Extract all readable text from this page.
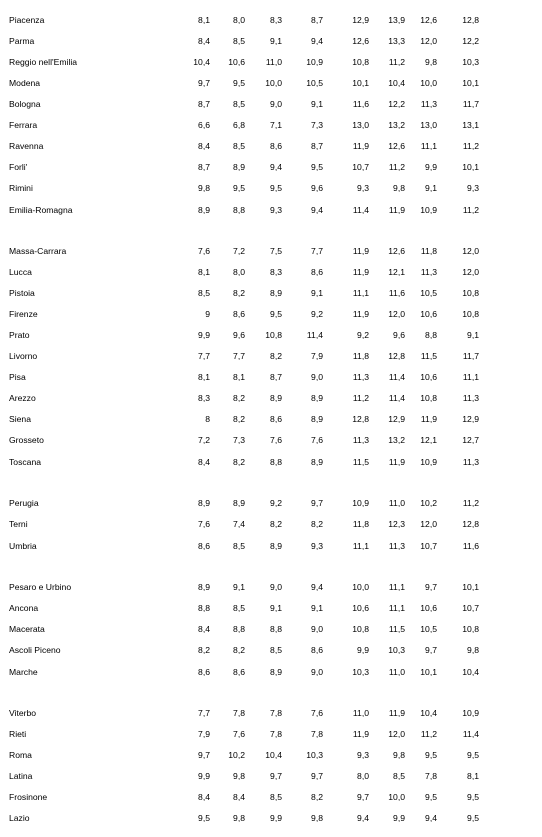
Piacenza	8,1	8,0	8,3	8,7	12,9	13,9	12,6	12,8
Parma	8,4	8,5	9,1	9,4	12,6	13,3	12,0	12,2
Reggio nell'Emilia	10,4	10,6	11,0	10,9	10,8	11,2	9,8	10,3
Modena	9,7	9,5	10,0	10,5	10,1	10,4	10,0	10,1
Bologna	8,7	8,5	9,0	9,1	11,6	12,2	11,3	11,7
Ferrara	6,6	6,8	7,1	7,3	13,0	13,2	13,0	13,1
Ravenna	8,4	8,5	8,6	8,7	11,9	12,6	11,1	11,2
Forli'	8,7	8,9	9,4	9,5	10,7	11,2	9,9	10,1
Rimini	9,8	9,5	9,5	9,6	9,3	9,8	9,1	9,3
Emilia-Romagna	8,9	8,8	9,3	9,4	11,4	11,9	10,9	11,2
Massa-Carrara	7,6	7,2	7,5	7,7	11,9	12,6	11,8	12,0
Lucca	8,1	8,0	8,3	8,6	11,9	12,1	11,3	12,0
Pistoia	8,5	8,2	8,9	9,1	11,1	11,6	10,5	10,8
Firenze	9	8,6	9,5	9,2	11,9	12,0	10,6	10,8
Prato	9,9	9,6	10,8	11,4	9,2	9,6	8,8	9,1
Livorno	7,7	7,7	8,2	7,9	11,8	12,8	11,5	11,7
Pisa	8,1	8,1	8,7	9,0	11,3	11,4	10,6	11,1
Arezzo	8,3	8,2	8,9	8,9	11,2	11,4	10,8	11,3
Siena	8	8,2	8,6	8,9	12,8	12,9	11,9	12,9
Grosseto	7,2	7,3	7,6	7,6	11,3	13,2	12,1	12,7
Toscana	8,4	8,2	8,8	8,9	11,5	11,9	10,9	11,3
Perugia	8,9	8,9	9,2	9,7	10,9	11,0	10,2	11,2
Terni	7,6	7,4	8,2	8,2	11,8	12,3	12,0	12,8
Umbria	8,6	8,5	8,9	9,3	11,1	11,3	10,7	11,6
Pesaro e Urbino	8,9	9,1	9,0	9,4	10,0	11,1	9,7	10,1
Ancona	8,8	8,5	9,1	9,1	10,6	11,1	10,6	10,7
Macerata	8,4	8,8	8,8	9,0	10,8	11,5	10,5	10,8
Ascoli Piceno	8,2	8,2	8,5	8,6	9,9	10,3	9,7	9,8
Marche	8,6	8,6	8,9	9,0	10,3	11,0	10,1	10,4
Viterbo	7,7	7,8	7,8	7,6	11,0	11,9	10,4	10,9
Rieti	7,9	7,6	7,8	7,8	11,9	12,0	11,2	11,4
Roma	9,7	10,2	10,4	10,3	9,3	9,8	9,5	9,5
Latina	9,9	9,8	9,7	9,7	8,0	8,5	7,8	8,1
Frosinone	8,4	8,4	8,5	8,2	9,7	10,0	9,5	9,5
Lazio	9,5	9,8	9,9	9,8	9,4	9,9	9,4	9,5
